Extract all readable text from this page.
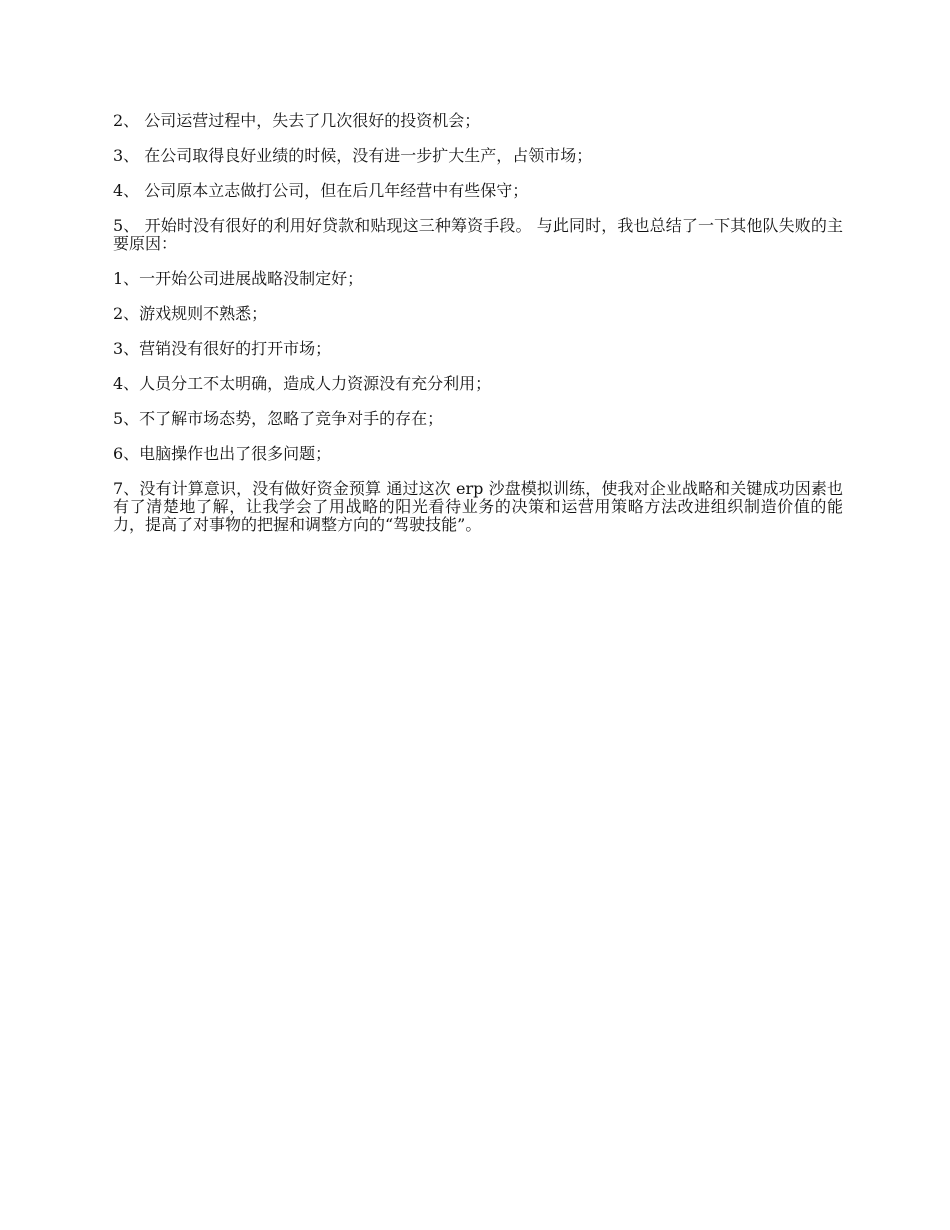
2、 公司运营过程中，失去了几次很好的投资机会；

3、 在公司取得良好业绩的时候，没有进一步扩大生产，占领市场；

4、 公司原本立志做打公司，但在后几年经营中有些保守；

5、 开始时没有很好的利用好贷款和贴现这三种筹资手段。 与此同时，我也总结了一下其他队失败的主要原因：

1、一开始公司进展战略没制定好；

2、游戏规则不熟悉；

3、营销没有很好的打开市场；

4、人员分工不太明确，造成人力资源没有充分利用；

5、不了解市场态势，忽略了竞争对手的存在；

6、电脑操作也出了很多问题；

7、没有计算意识，没有做好资金预算 通过这次 erp 沙盘模拟训练，使我对企业战略和关键成功因素也有了清楚地了解，让我学会了用战略的阳光看待业务的决策和运营用策略方法改进组织制造价值的能力，提高了对事物的把握和调整方向的“驾驶技能”。
